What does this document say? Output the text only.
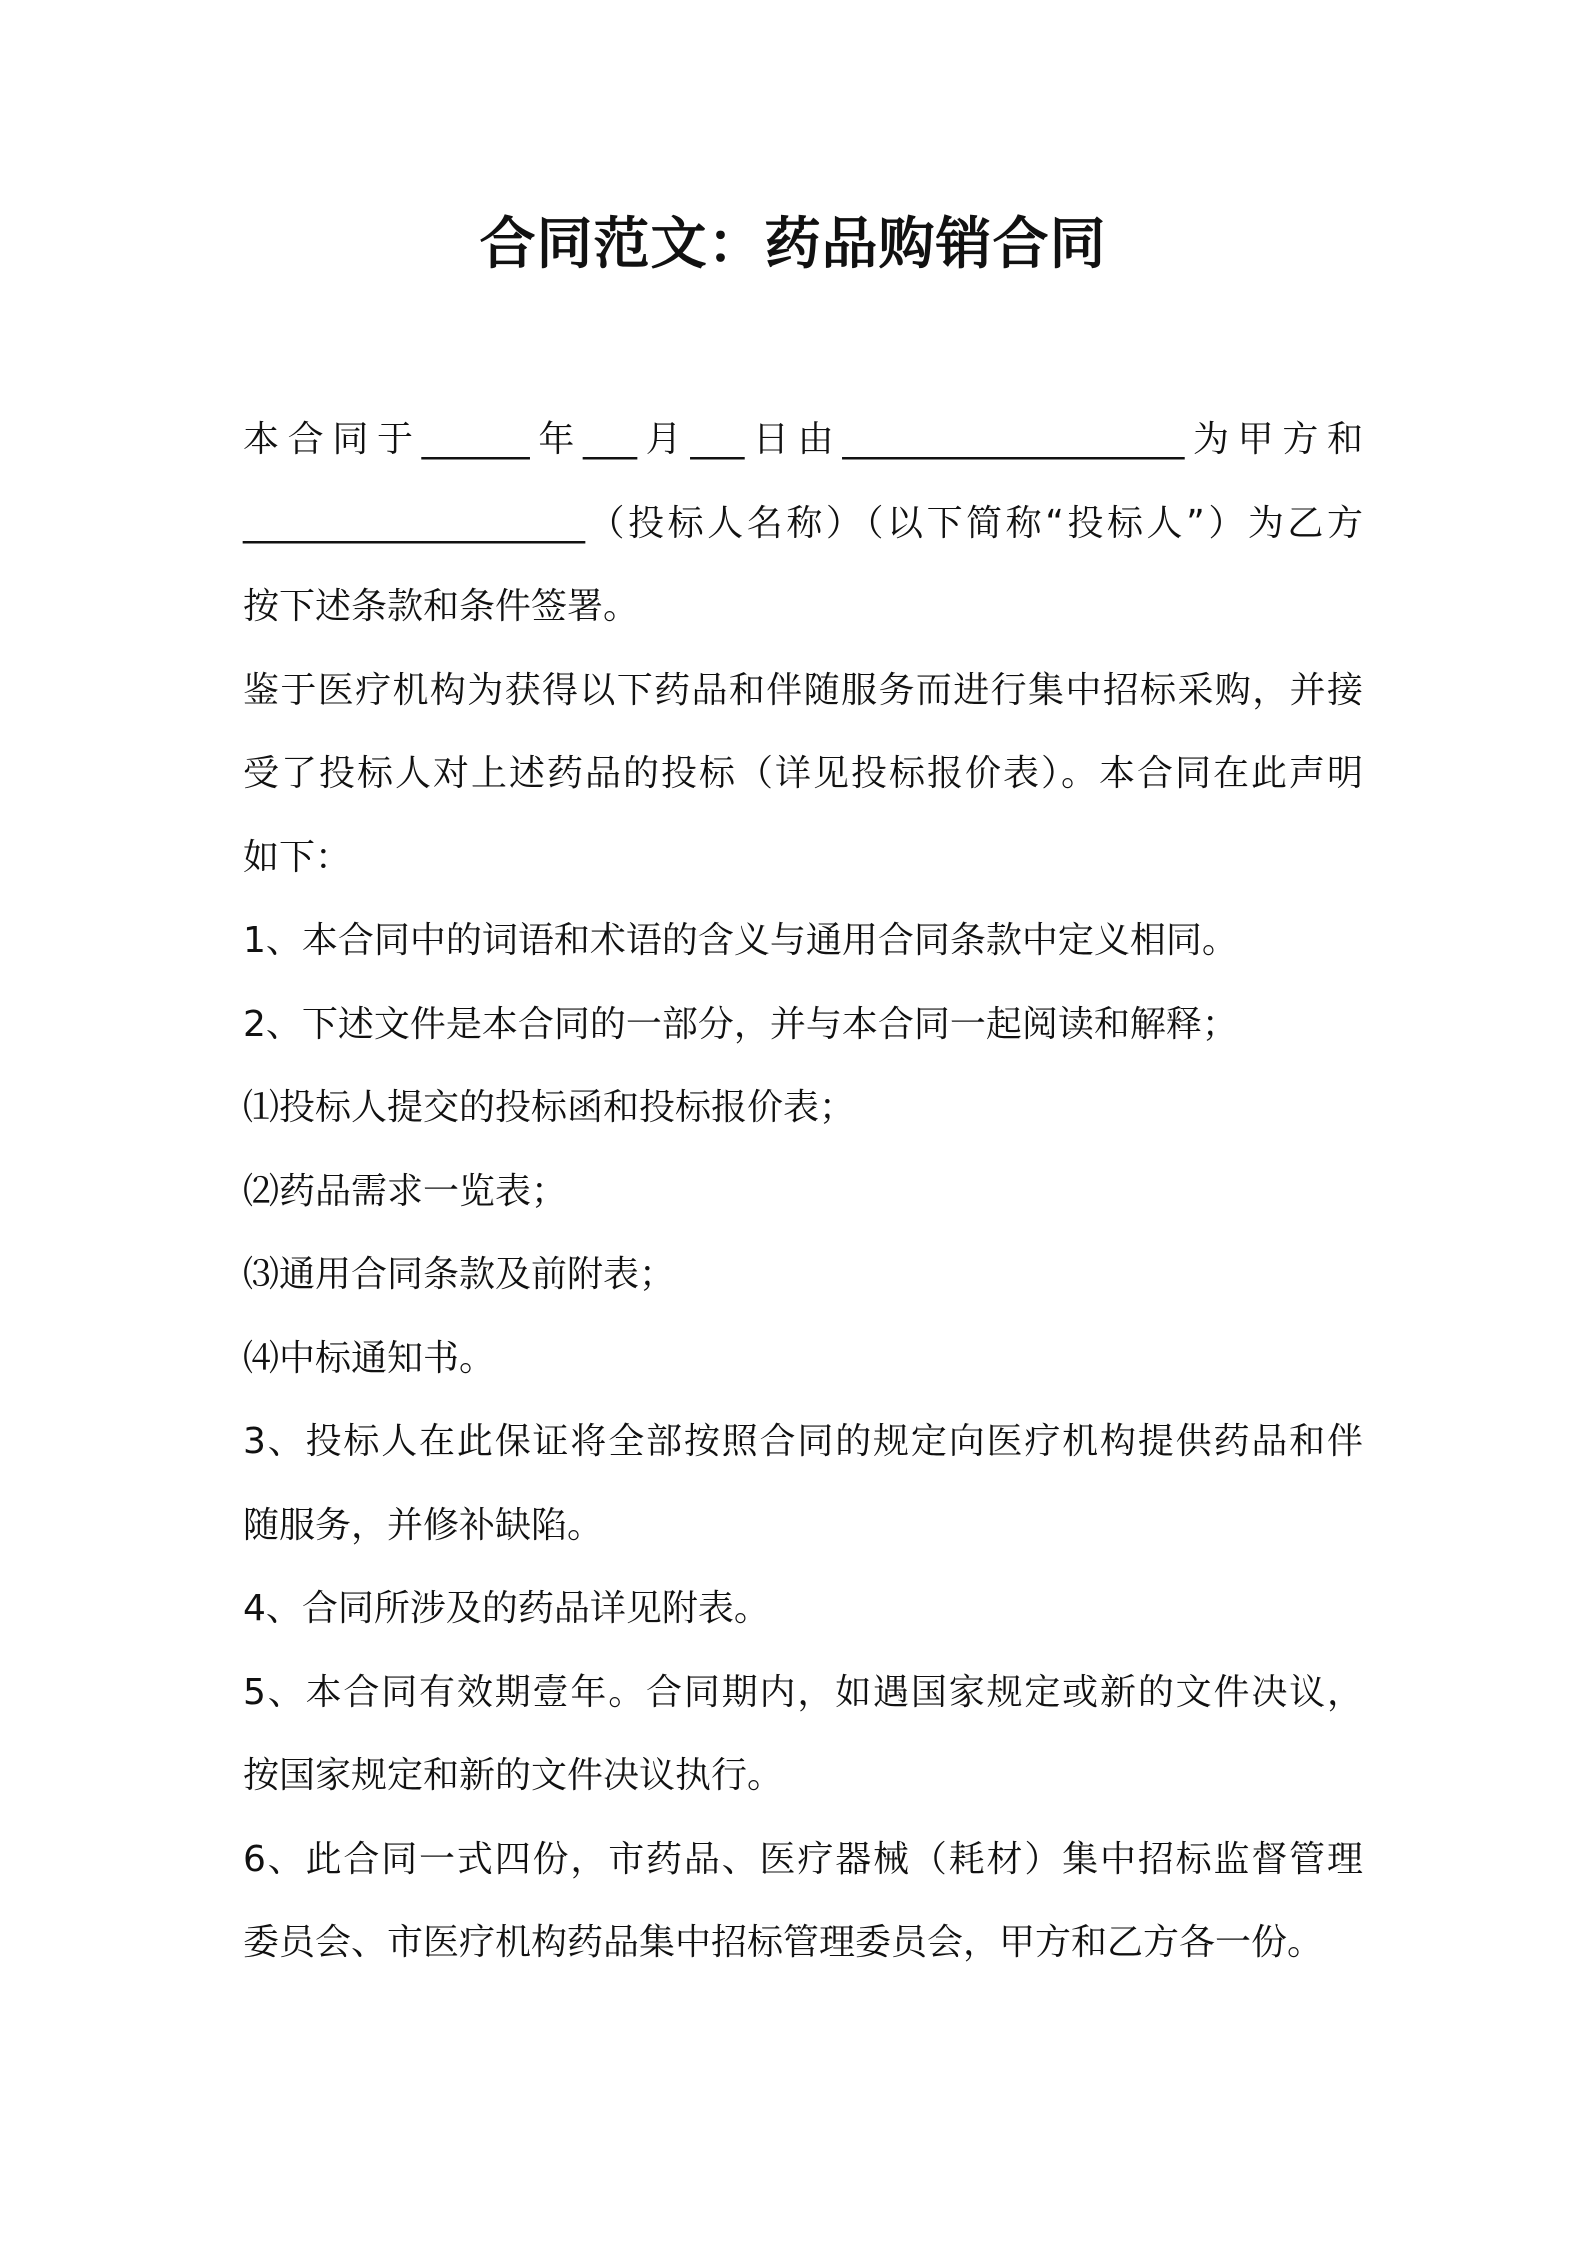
合同范文：药品购销合同

本合同于______年___月___日由___________________为甲方和

___________________（投标人名称）（以下简称“投标人”）为乙方

按下述条款和条件签署。

鉴于医疗机构为获得以下药品和伴随服务而进行集中招标采购，并接

受了投标人对上述药品的投标（详见投标报价表）。本合同在此声明

如下：

1、本合同中的词语和术语的含义与通用合同条款中定义相同。

2、下述文件是本合同的一部分，并与本合同一起阅读和解释；

⑴投标人提交的投标函和投标报价表；

⑵药品需求一览表；

⑶通用合同条款及前附表；

⑷中标通知书。

3、投标人在此保证将全部按照合同的规定向医疗机构提供药品和伴

随服务，并修补缺陷。

4、合同所涉及的药品详见附表。

5、本合同有效期壹年。合同期内，如遇国家规定或新的文件决议，

按国家规定和新的文件决议执行。

6、此合同一式四份，市药品、医疗器械（耗材）集中招标监督管理

委员会、市医疗机构药品集中招标管理委员会，甲方和乙方各一份。
